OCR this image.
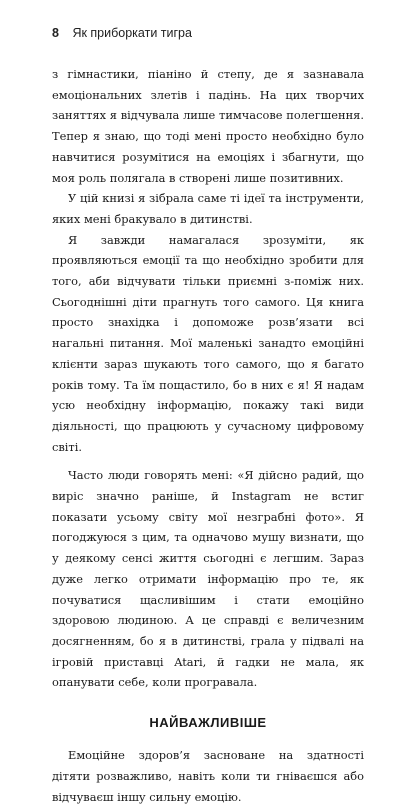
8 Як приборкати тигра

з гімнастики, піаніно й степу, де я зазнавала емоціональних злетів і падінь. На цих творчих заняттях я відчувала лише тимчасове полегшення. Тепер я знаю, що тоді мені просто необхідно було навчитися розумітися на емоціях і збагнути, що моя роль полягала в створені лише позитивних.

У цій книзі я зібрала саме ті ідеї та інструменти, яких мені бракувало в дитинстві.

Я завжди намагалася зрозуміти, як проявляються емоції та що необхідно зробити для того, аби відчувати тільки приємні з-поміж них. Сьогоднішні діти прагнуть того самого. Ця книга просто знахідка і допоможе розв’язати всі нагальні питання. Мої маленькі занадто емоційні клієнти зараз шукають того самого, що я багато років тому. Та їм пощастило, бо в них є я! Я надам усю необхідну інформацію, покажу такі види діяльності, що працюють у сучасному цифровому світі.

Часто люди говорять мені: «Я дійсно радий, що виріс значно раніше, й Instagram не встиг показати усьому світу мої незграбні фото». Я погоджуюся з цим, та одначово мушу визнати, що у деякому сенсі життя сьогодні є легшим. Зараз дуже легко отримати інформацію про те, як почуватися щасливішим і стати емоційно здоровою людиною. А це справді є величезним досягненням, бо я в дитинстві, грала у підвалі на ігровій приставці Atari, й гадки не мала, як опанувати себе, коли програвала.

НАЙВАЖЛИВІШЕ

Емоційне здоров’я засноване на здатності дітяти розважливо, навіть коли ти гніваєшся або відчуваєш іншу сильну емоцію.
